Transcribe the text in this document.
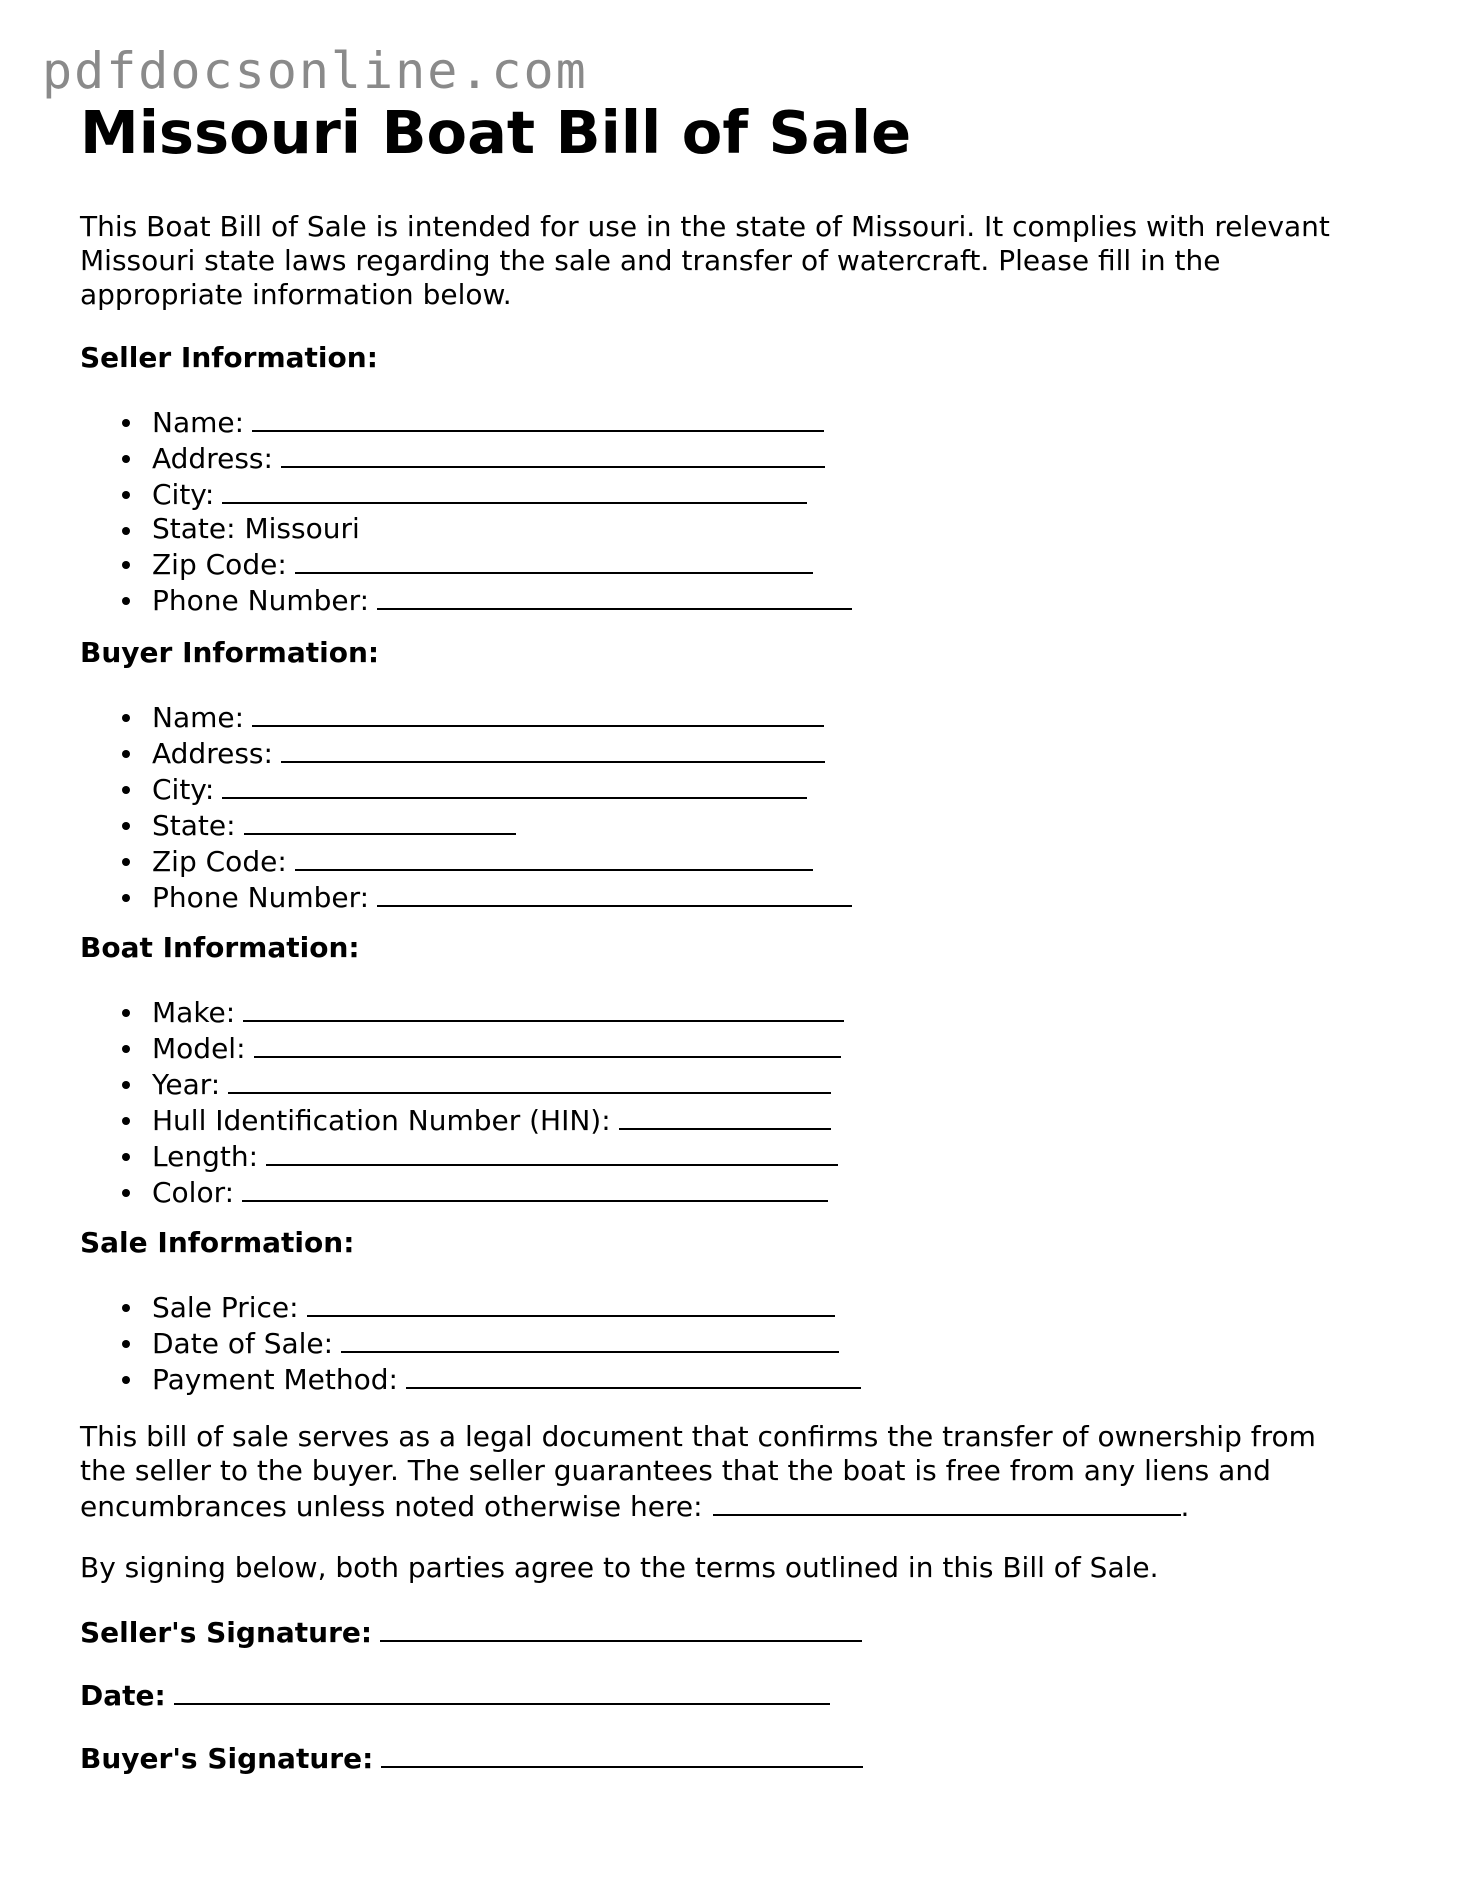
pdfdocsonline.com
Missouri Boat Bill of Sale

This Boat Bill of Sale is intended for use in the state of Missouri. It complies with relevant Missouri state laws regarding the sale and transfer of watercraft. Please fill in the appropriate information below.

Seller Information:

Name:
Address:
City:
State: Missouri
Zip Code:
Phone Number:

Buyer Information:

Name:
Address:
City:
State:
Zip Code:
Phone Number:

Boat Information:

Make:
Model:
Year:
Hull Identification Number (HIN):
Length:
Color:

Sale Information:

Sale Price:
Date of Sale:
Payment Method:

This bill of sale serves as a legal document that confirms the transfer of ownership from the seller to the buyer. The seller guarantees that the boat is free from any liens and encumbrances unless noted otherwise here:	.

By signing below, both parties agree to the terms outlined in this Bill of Sale.

Seller's Signature:

Date:

Buyer's Signature:
